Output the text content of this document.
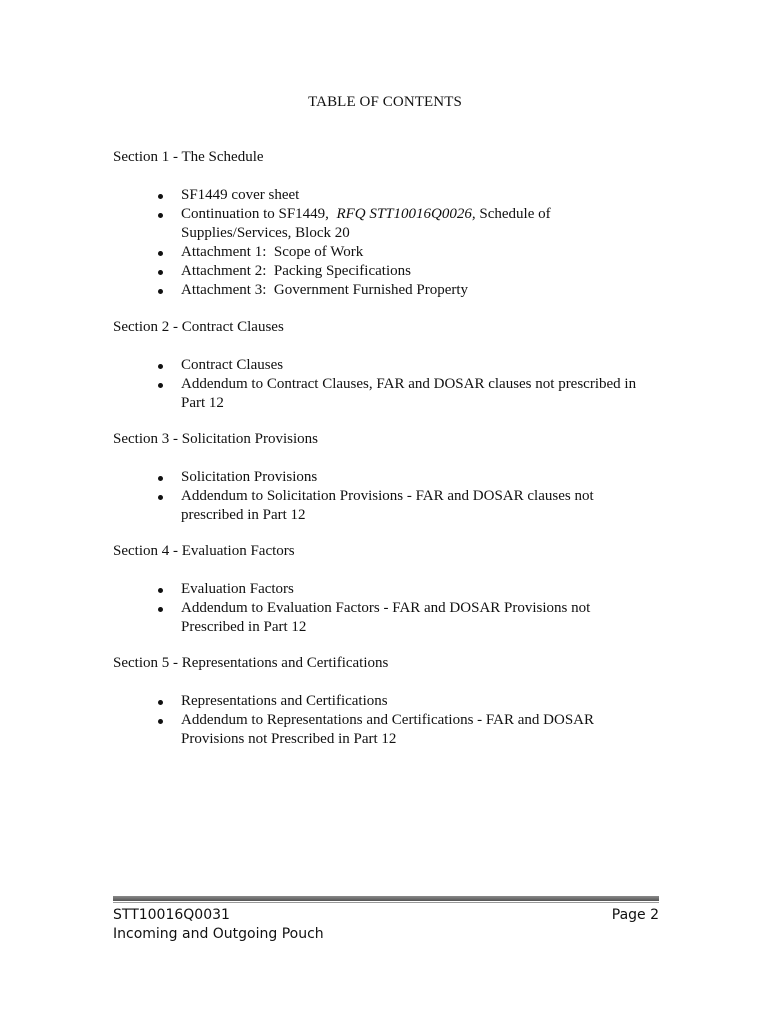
TABLE OF CONTENTS

Section 1 - The Schedule

SF1449 cover sheet
Continuation to SF1449,  RFQ STT10016Q0026, Schedule of
Supplies/Services, Block 20
Attachment 1:  Scope of Work
Attachment 2:  Packing Specifications
Attachment 3:  Government Furnished Property

Section 2 - Contract Clauses

Contract Clauses
Addendum to Contract Clauses, FAR and DOSAR clauses not prescribed in
Part 12

Section 3 - Solicitation Provisions

Solicitation Provisions
Addendum to Solicitation Provisions - FAR and DOSAR clauses not
prescribed in Part 12

Section 4 - Evaluation Factors

Evaluation Factors
Addendum to Evaluation Factors - FAR and DOSAR Provisions not
Prescribed in Part 12

Section 5 - Representations and Certifications

Representations and Certifications
Addendum to Representations and Certifications - FAR and DOSAR
Provisions not Prescribed in Part 12
STT10016Q0031	Page 2
Incoming and Outgoing Pouch
